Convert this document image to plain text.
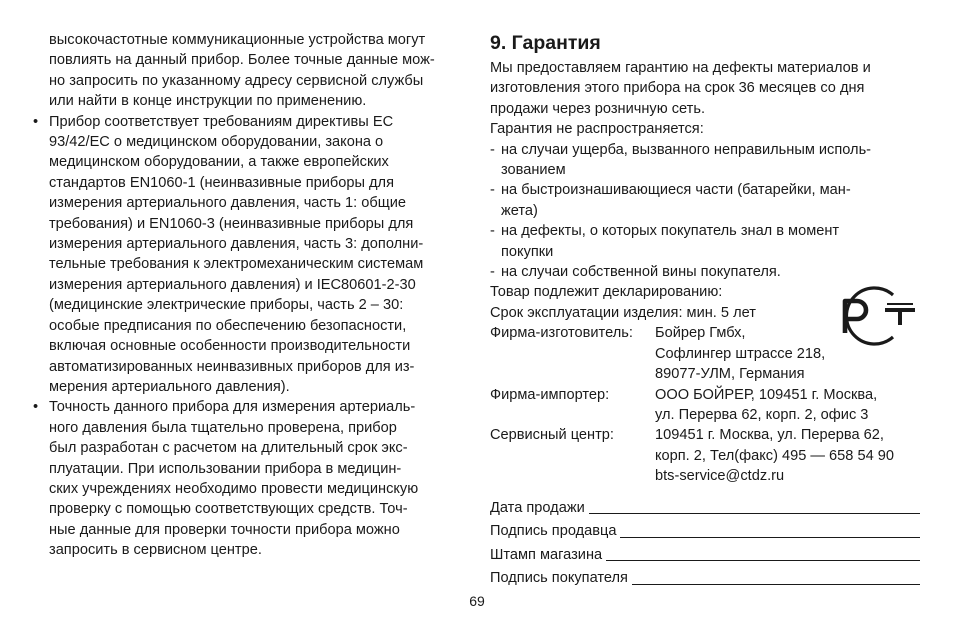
высокочастотные коммуникационные устройства могут
повлиять на данный прибор. Более точные данные мож-
но запросить по указанному адресу сервисной службы
или найти в конце инструкции по применению.

• Прибор соответствует требованиям директивы ЕС
93/42/ЕС о медицинском оборудовании, закона о
медицинском оборудовании, а также европейских
стандартов EN1060-1 (неинвазивные приборы для
измерения артериального давления, часть 1: общие
требования) и EN1060-3 (неинвазивные приборы для
измерения артериального давления, часть 3: дополни-
тельные требования к электромеханическим системам
измерения артериального давления) и IEC80601-2-30
(медицинские электрические приборы, часть 2 – 30:
особые предписания по обеспечению безопасности,
включая основные особенности производительности
автоматизированных неинвазивных приборов для из-
мерения артериального давления).

• Точность данного прибора для измерения артериаль-
ного давления была тщательно проверена, прибор
был разработан с расчетом на длительный срок экс-
плуатации. При использовании прибора в медицин-
ских учреждениях необходимо провести медицинскую
проверку с помощью соответствующих средств. Точ-
ные данные для проверки точности прибора можно
запросить в сервисном центре.

9. Гарантия

Мы предоставляем гарантию на дефекты материалов и
изготовления этого прибора на срок 36 месяцев со дня
продажи через розничную сеть.

Гарантия не распространяется:

- на случаи ущерба, вызванного неправильным исполь-
зованием

- на быстроизнашивающиеся части (батарейки, ман-
жета)

- на дефекты, о которых покупатель знал в момент
покупки

- на случаи собственной вины покупателя.

Товар подлежит декларированию:

Срок эксплуатации изделия: мин. 5 лет

Фирма-изготовитель:	Бойрер Гмбх,
Софлингер штрассе 218,
89077-УЛМ, Германия
Фирма-импортер:	ООО БОЙРЕР, 109451 г. Москва,
ул. Перерва 62, корп. 2, офис 3
Сервисный центр:	109451 г. Москва, ул. Перерва 62,
корп. 2, Тел(факс) 495 — 658 54 90
bts-service@ctdz.ru
Дата продажи
Подпись продавца
Штамп магазина
Подпись покупателя
69
